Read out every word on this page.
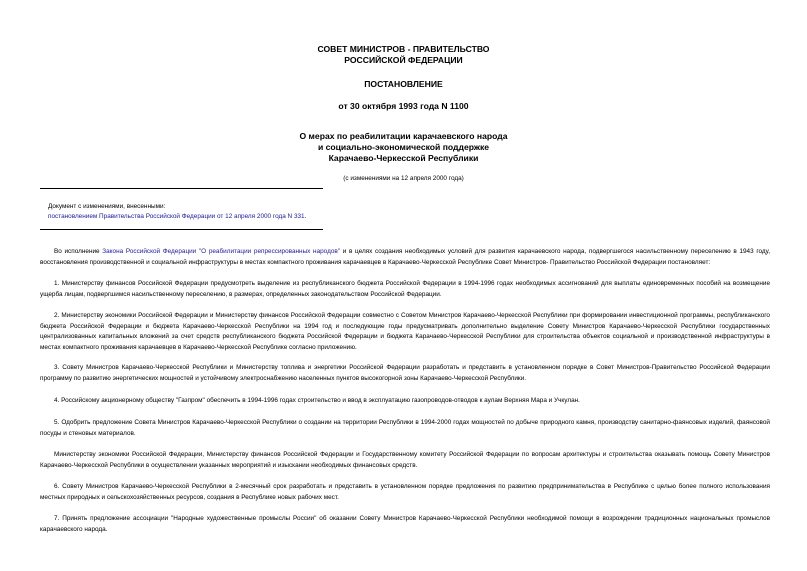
СОВЕТ МИНИСТРОВ - ПРАВИТЕЛЬСТВО
РОССИЙСКОЙ ФЕДЕРАЦИИ
ПОСТАНОВЛЕНИЕ
от 30 октября 1993 года N 1100
О мерах по реабилитации карачаевского народа
и социально-экономической поддержке
Карачаево-Черкесской Республики
(с изменениями на 12 апреля 2000 года)
Документ с изменениями, внесенными:
постановлением Правительства Российской Федерации от 12 апреля 2000 года N 331.
Во исполнение Закона Российской Федерации "О реабилитации репрессированных народов" и в целях создания необходимых условий для развития карачаевского народа, подвергшегося насильственному переселению в 1943 году, восстановления производственной и социальной инфраструктуры в местах компактного проживания карачаевцев в Карачаево-Черкесской Республике Совет Министров- Правительство Российской Федерации постановляет:
1. Министерству финансов Российской Федерации предусмотреть выделение из республиканского бюджета Российской Федерации в 1994-1996 годах необходимых ассигнований для выплаты единовременных пособий на возмещение ущерба лицам, подвергшимся насильственному переселению, в размерах, определенных законодательством Российской Федерации.
2. Министерству экономики Российской Федерации и Министерству финансов Российской Федерации совместно с Советом Министров Карачаево-Черкесской Республики при формировании инвестиционной программы, республиканского бюджета Российской Федерации и бюджета Карачаево-Черкесской Республики на 1994 год и последующие годы предусматривать дополнительно выделение Совету Министров Карачаево-Черкесской Республики государственных централизованных капитальных вложений за счет средств республиканского бюджета Российской Федерации и бюджета Карачаево-Черкесской Республики для строительства объектов социальной и производственной инфраструктуры в местах компактного проживания карачаевцев в Карачаево-Черкесской Республике согласно приложению.
3. Совету Министров Карачаево-Черкесской Республики и Министерству топлива и энергетики Российской Федерации разработать и представить в установленном порядке в Совет Министров-Правительство Российской Федерации программу по развитию энергетических мощностей и устойчивому электроснабжению населенных пунктов высокогорной зоны Карачаево-Черкесской Республики.
4. Российскому акционерному обществу "Газпром" обеспечить в 1994-1996 годах строительство и ввод в эксплуатацию газопроводов-отводов к аулам Верхняя Мара и Учкулан.
5. Одобрить предложение Совета Министров Карачаево-Черкесской Республики о создании на территории Республики в 1994-2000 годах мощностей по добыче природного камня, производству санитарно-фаянсовых изделий, фаянсовой посуды и стеновых материалов.
Министерству экономики Российской Федерации, Министерству финансов Российской Федерации и Государственному комитету Российской Федерации по вопросам архитектуры и строительства оказывать помощь Совету Министров Карачаево-Черкесской Республики в осуществлении указанных мероприятий и изыскании необходимых финансовых средств.
6. Совету Министров Карачаево-Черкесской Республики в 2-месячный срок разработать и представить в установленном порядке предложения по развитию предпринимательства в Республике с целью более полного использования местных природных и сельскохозяйственных ресурсов, создания в Республике новых рабочих мест.
7. Принять предложение ассоциации "Народные художественные промыслы России" об оказании Совету Министров Карачаево-Черкесской Республики необходимой помощи в возрождении традиционных национальных промыслов карачаевского народа.
